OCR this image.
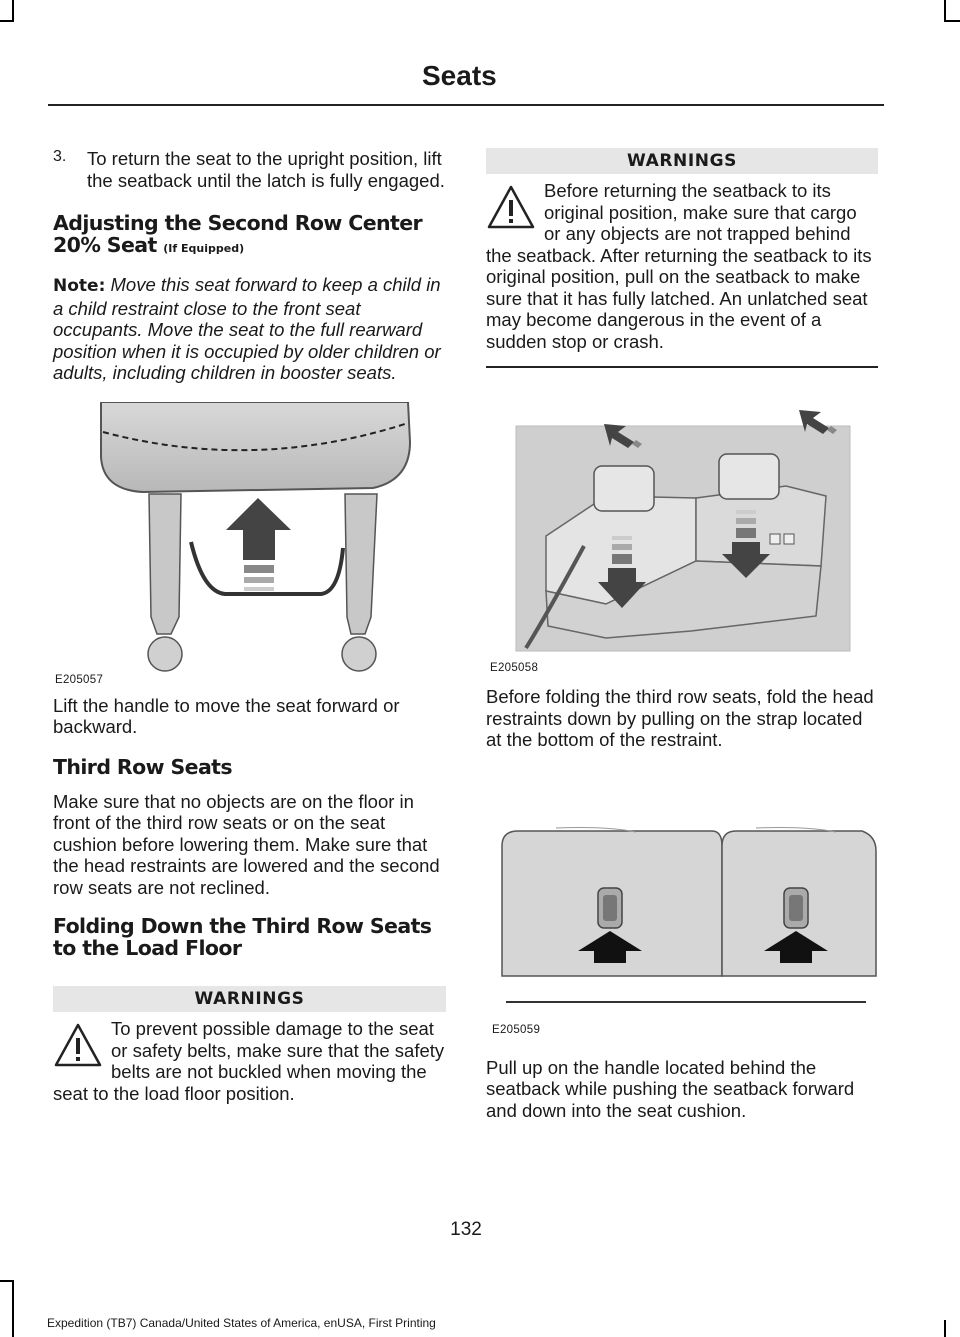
Seats
3.	To return the seat to the upright position, lift the seatback until the latch is fully engaged.

Adjusting the Second Row Center 20% Seat (If Equipped)

Note: Move this seat forward to keep a child in a child restraint close to the front seat occupants. Move the seat to the full rearward position when it is occupied by older children or adults, including children in booster seats.

E205057

Lift the handle to move the seat forward or backward.

Third Row Seats

Make sure that no objects are on the floor in front of the third row seats or on the seat cushion before lowering them. Make sure that the head restraints are lowered and the second row seats are not reclined.

Folding Down the Third Row Seats to the Load Floor
WARNINGS

To prevent possible damage to the seat or safety belts, make sure that the safety belts are not buckled when moving the seat to the load floor position.

WARNINGS

Before returning the seatback to its original position, make sure that cargo or any objects are not trapped behind the seatback. After returning the seatback to its original position, pull on the seatback to make sure that it has fully latched. An unlatched seat may become dangerous in the event of a sudden stop or crash.

E205058

Before folding the third row seats, fold the head restraints down by pulling on the strap located at the bottom of the restraint.

E205059

Pull up on the handle located behind the seatback while pushing the seatback forward and down into the seat cushion.

132
Expedition (TB7) Canada/United States of America, enUSA, First Printing
